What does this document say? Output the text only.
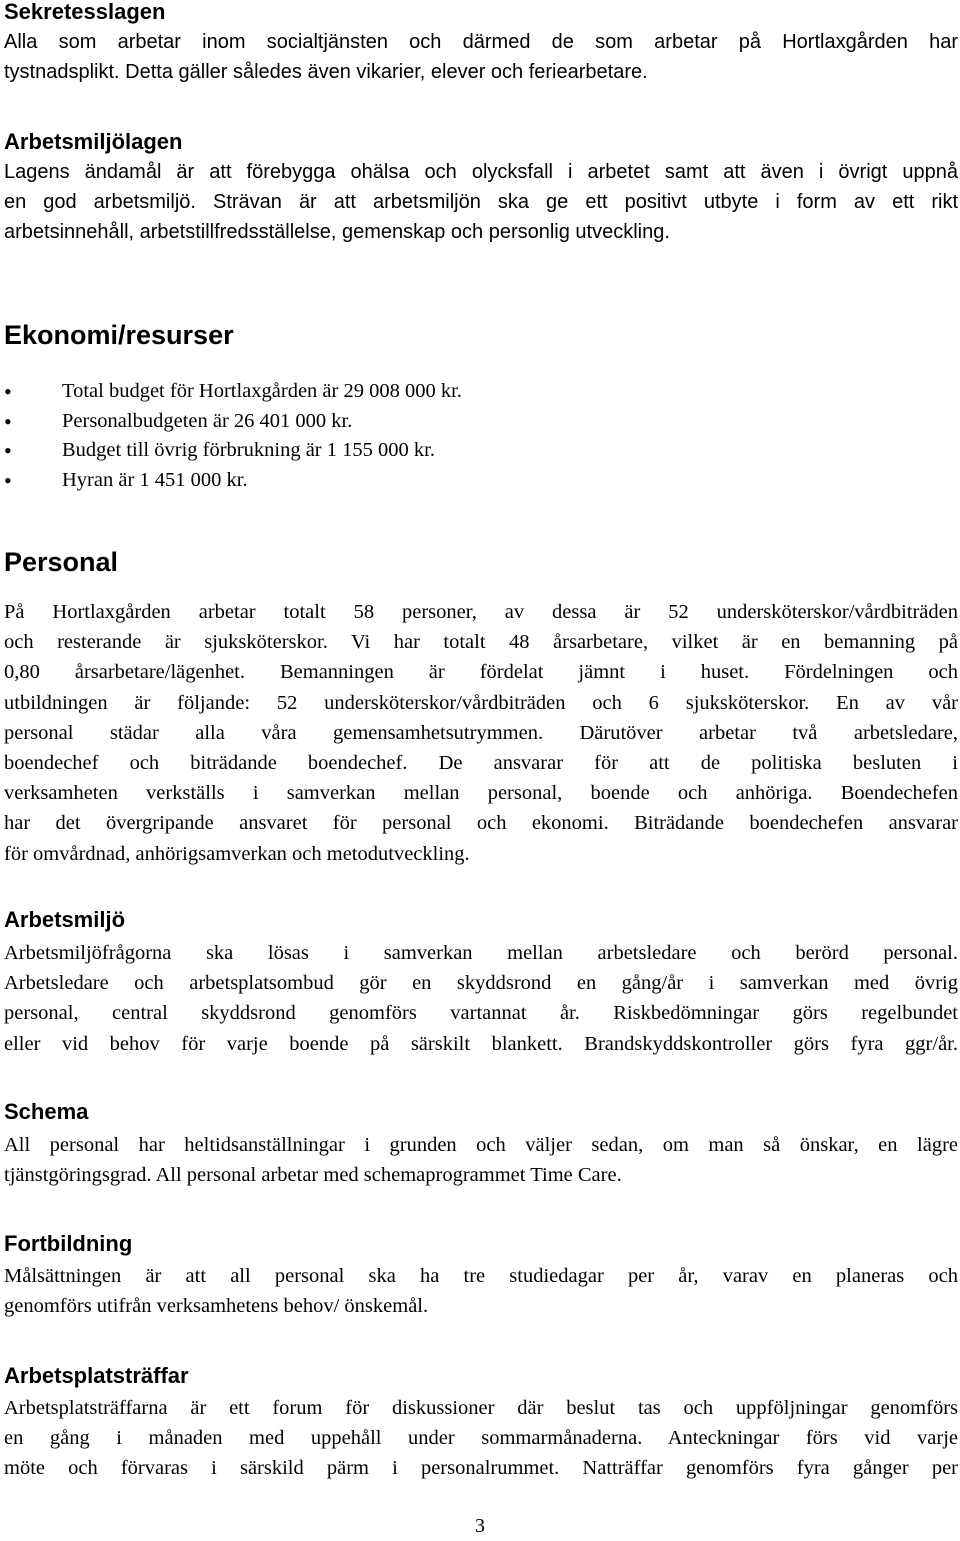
Sekretesslagen
Alla som arbetar inom socialtjänsten och därmed de som arbetar på Hortlaxgården har
tystnadsplikt. Detta gäller således även vikarier, elever och feriearbetare.
Arbetsmiljölagen
Lagens ändamål är att förebygga ohälsa och olycksfall i arbetet samt att även i övrigt uppnå
en god arbetsmiljö. Strävan är att arbetsmiljön ska ge ett positivt utbyte i form av ett rikt
arbetsinnehåll, arbetstillfredsställelse, gemenskap och personlig utveckling.
Ekonomi/resurser
•	Total budget för Hortlaxgården är 29 008 000 kr.
•	Personalbudgeten är 26 401 000 kr.
•	Budget till övrig förbrukning är 1 155 000 kr.
•	Hyran är 1 451 000 kr.
Personal
På Hortlaxgården arbetar totalt 58 personer, av dessa är 52 undersköterskor/vårdbiträden
och resterande är sjuksköterskor. Vi har totalt 48 årsarbetare, vilket är en bemanning på
0,80 årsarbetare/lägenhet. Bemanningen är fördelat jämnt i huset. Fördelningen och
utbildningen är följande: 52 undersköterskor/vårdbiträden och 6 sjuksköterskor. En av vår
personal städar alla våra gemensamhetsutrymmen. Därutöver arbetar två arbetsledare,
boendechef och biträdande boendechef. De ansvarar för att de politiska besluten i
verksamheten verkställs i samverkan mellan personal, boende och anhöriga. Boendechefen
har det övergripande ansvaret för personal och ekonomi. Biträdande boendechefen ansvarar
för omvårdnad, anhörigsamverkan och metodutveckling.
Arbetsmiljö
Arbetsmiljöfrågorna ska lösas i samverkan mellan arbetsledare och berörd personal.
Arbetsledare och arbetsplatsombud gör en skyddsrond en gång/år i samverkan med övrig
personal, central skyddsrond genomförs vartannat år. Riskbedömningar görs regelbundet
eller vid behov för varje boende på särskilt blankett. Brandskyddskontroller görs fyra ggr/år.
Schema
All personal har heltidsanställningar i grunden och väljer sedan, om man så önskar, en lägre
tjänstgöringsgrad. All personal arbetar med schemaprogrammet Time Care.
Fortbildning
Målsättningen är att all personal ska ha tre studiedagar per år, varav en planeras och
genomförs utifrån verksamhetens behov/ önskemål.
Arbetsplatsträffar
Arbetsplatsträffarna är ett forum för diskussioner där beslut tas och uppföljningar genomförs
en gång i månaden med uppehåll under sommarmånaderna. Anteckningar förs vid varje
möte och förvaras i särskild pärm i personalrummet. Natträffar genomförs fyra gånger per
3
